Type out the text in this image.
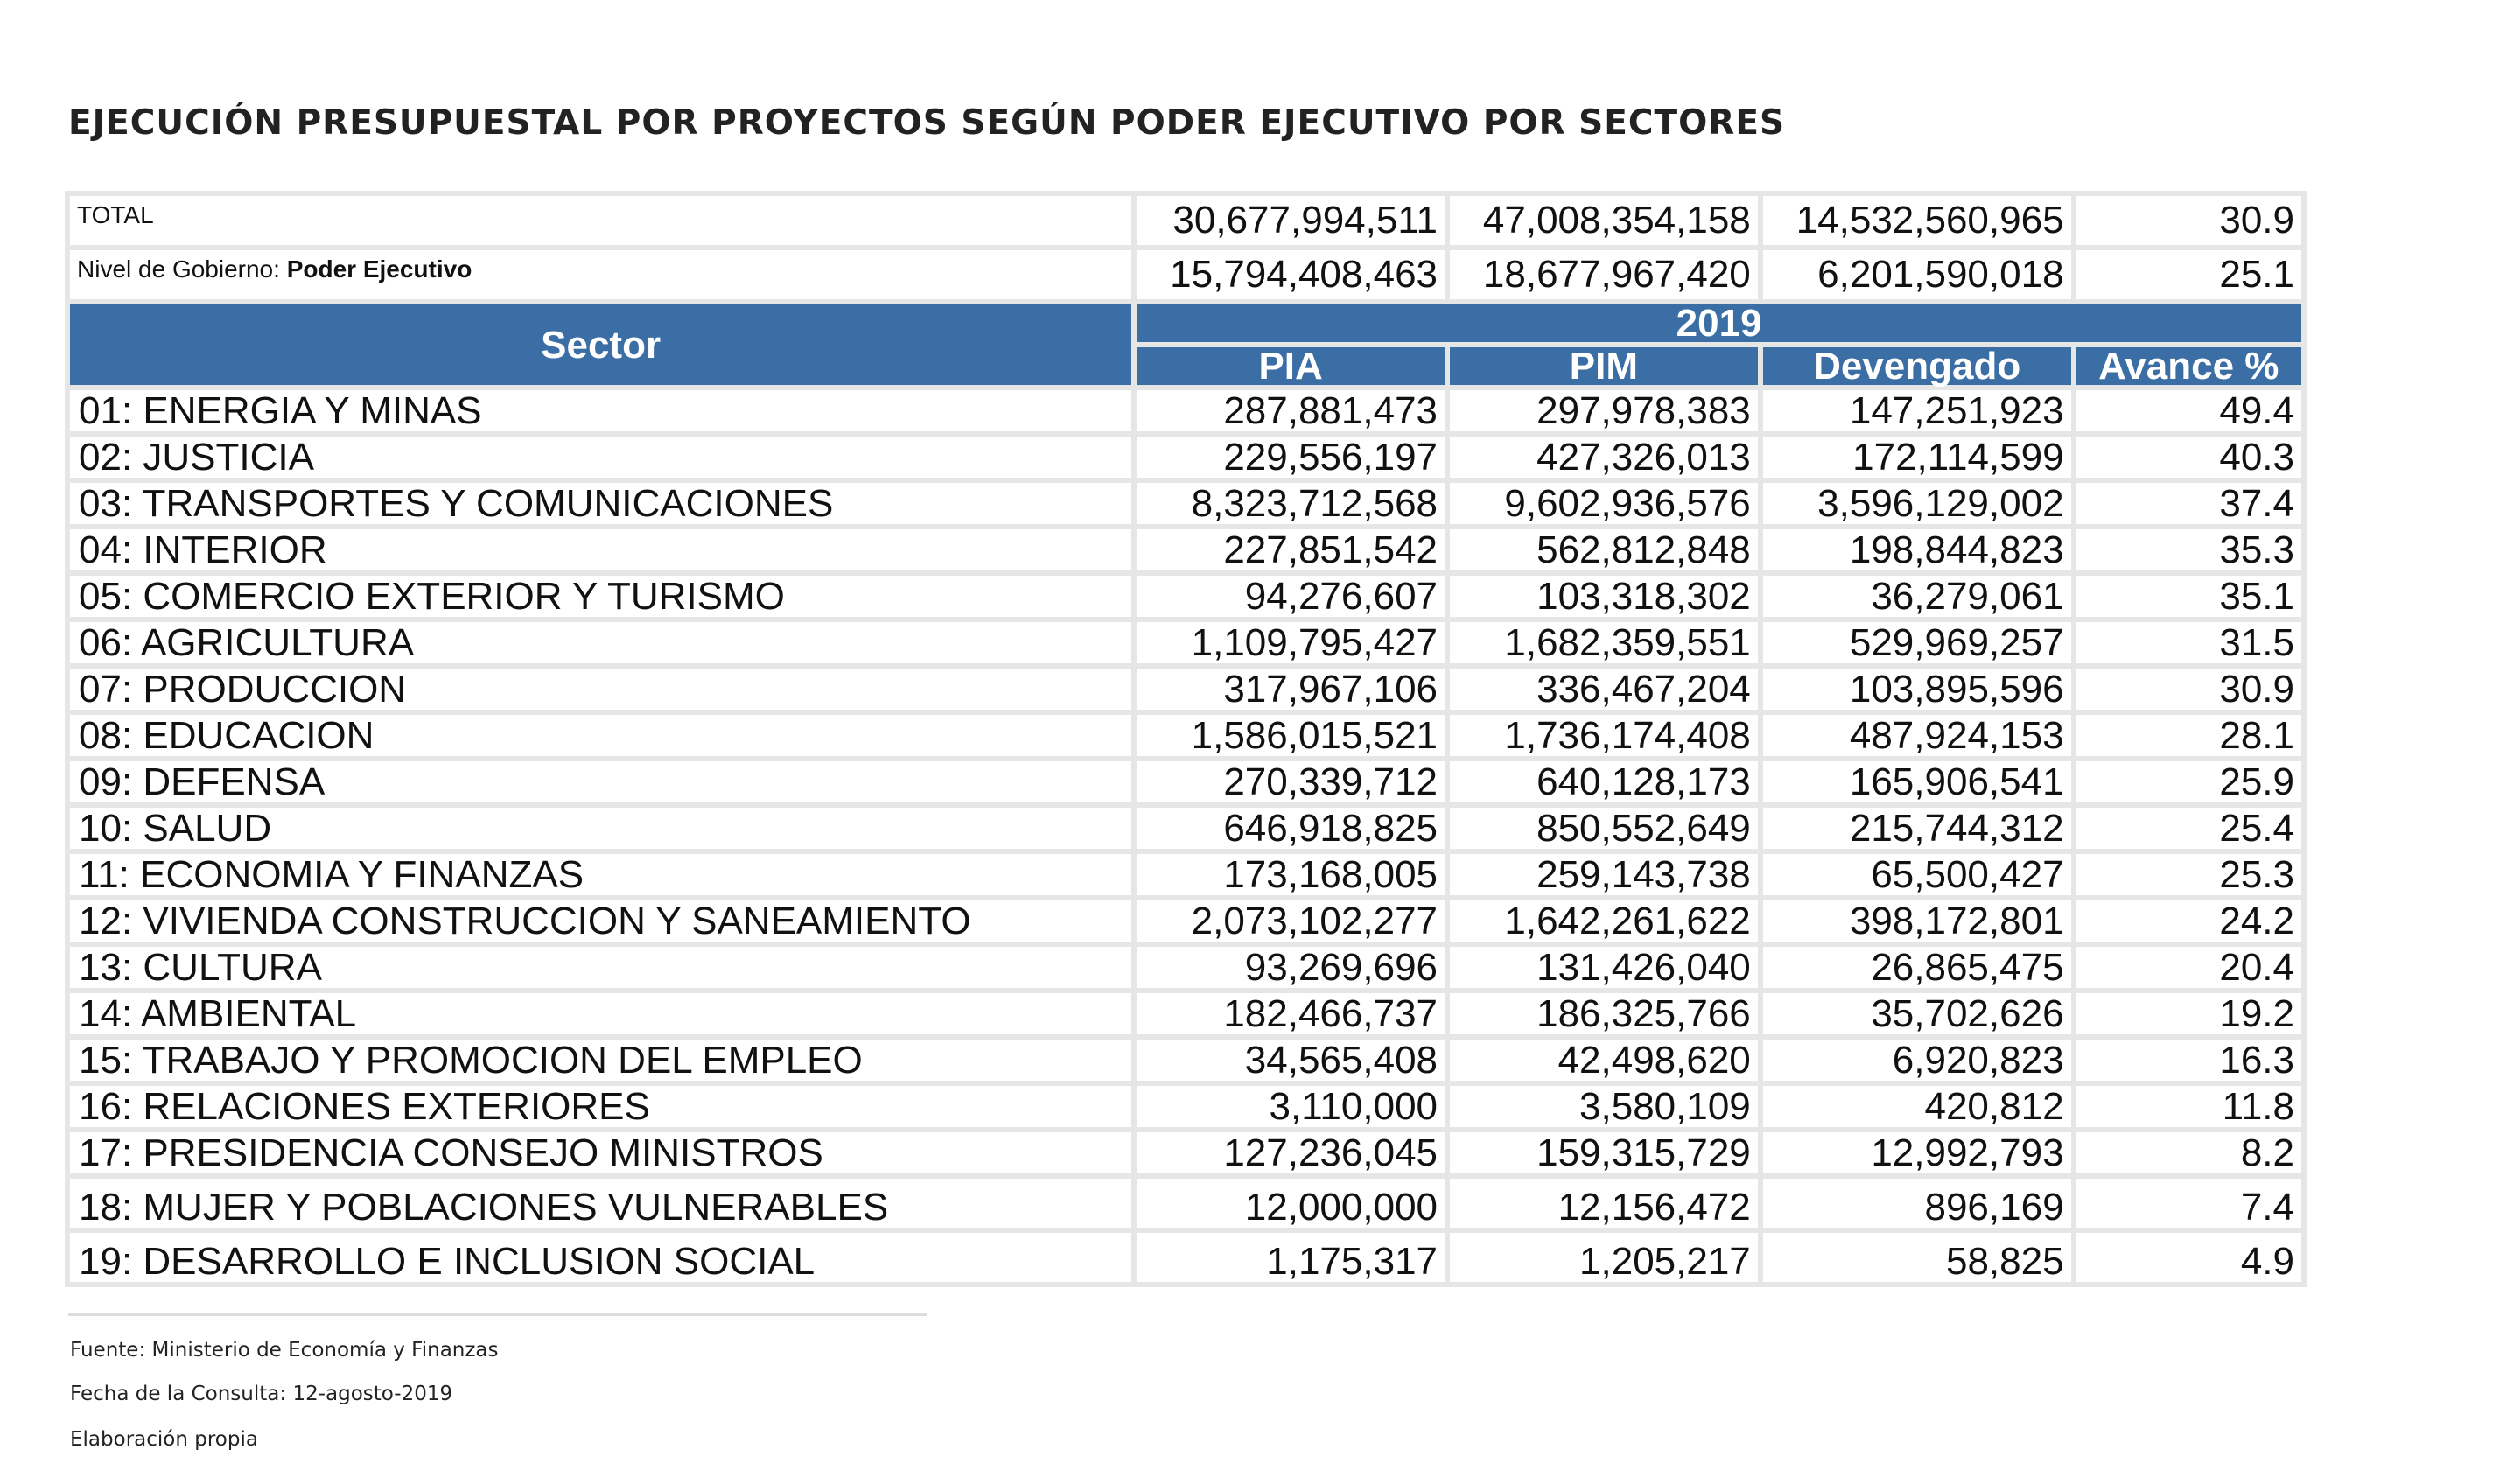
EJECUCIÓN PRESUPUESTAL POR PROYECTOS SEGÚN PODER EJECUTIVO POR SECTORES
TOTAL	30,677,994,511	47,008,354,158	14,532,560,965	30.9
Nivel de Gobierno: Poder Ejecutivo	15,794,408,463	18,677,967,420	6,201,590,018	25.1
Sector	2019			
	PIA	PIM	Devengado	Avance %
01: ENERGIA Y MINAS	287,881,473	297,978,383	147,251,923	49.4
02: JUSTICIA	229,556,197	427,326,013	172,114,599	40.3
03: TRANSPORTES Y COMUNICACIONES	8,323,712,568	9,602,936,576	3,596,129,002	37.4
04: INTERIOR	227,851,542	562,812,848	198,844,823	35.3
05: COMERCIO EXTERIOR Y TURISMO	94,276,607	103,318,302	36,279,061	35.1
06: AGRICULTURA	1,109,795,427	1,682,359,551	529,969,257	31.5
07: PRODUCCION	317,967,106	336,467,204	103,895,596	30.9
08: EDUCACION	1,586,015,521	1,736,174,408	487,924,153	28.1
09: DEFENSA	270,339,712	640,128,173	165,906,541	25.9
10: SALUD	646,918,825	850,552,649	215,744,312	25.4
11: ECONOMIA Y FINANZAS	173,168,005	259,143,738	65,500,427	25.3
12: VIVIENDA CONSTRUCCION Y SANEAMIENTO	2,073,102,277	1,642,261,622	398,172,801	24.2
13: CULTURA	93,269,696	131,426,040	26,865,475	20.4
14: AMBIENTAL	182,466,737	186,325,766	35,702,626	19.2
15: TRABAJO Y PROMOCION DEL EMPLEO	34,565,408	42,498,620	6,920,823	16.3
16: RELACIONES EXTERIORES	3,110,000	3,580,109	420,812	11.8
17: PRESIDENCIA CONSEJO MINISTROS	127,236,045	159,315,729	12,992,793	8.2
18: MUJER Y POBLACIONES VULNERABLES	12,000,000	12,156,472	896,169	7.4
19: DESARROLLO E INCLUSION SOCIAL	1,175,317	1,205,217	58,825	4.9
Fuente: Ministerio de Economía y Finanzas
Fecha de la Consulta: 12-agosto-2019
Elaboración propia
